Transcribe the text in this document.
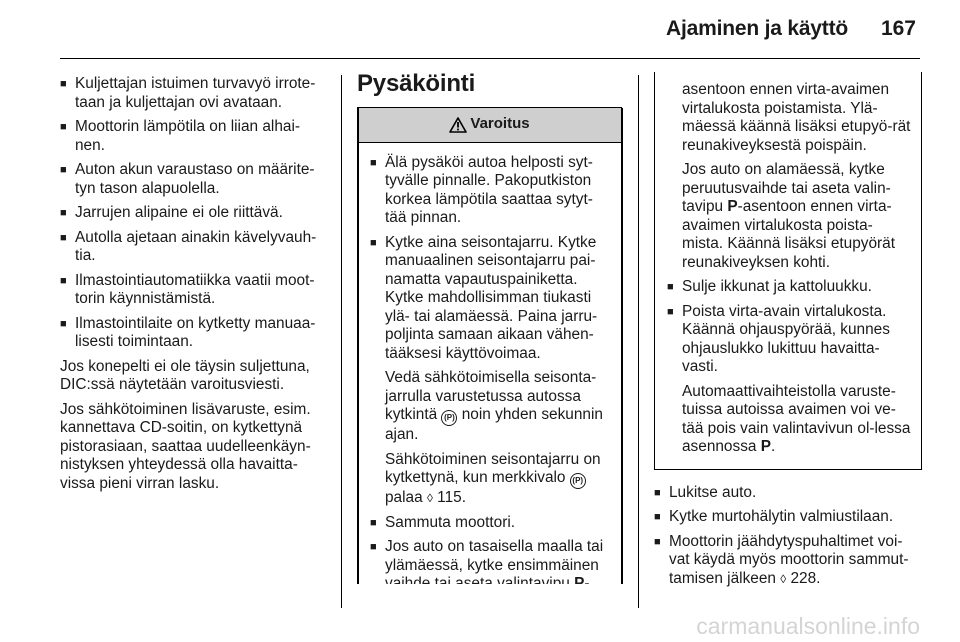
Ajaminen ja käyttö 167
■ Kuljettajan istuimen turvavyö irrote-taan ja kuljettajan ovi avataan.
■ Moottorin lämpötila on liian alhai-nen.
■ Auton akun varaustaso on määrite-tyn tason alapuolella.
■ Jarrujen alipaine ei ole riittävä.
■ Autolla ajetaan ainakin kävelyvauh-tia.
■ Ilmastointiautomatiikka vaatii moot-torin käynnistämistä.
■ Ilmastointilaite on kytketty manuaa-lisesti toimintaan.

Jos konepelti ei ole täysin suljettuna, DIC:ssä näytetään varoitusviesti.

Jos sähkötoiminen lisävaruste, esim. kannettava CD-soitin, on kytkettynä pistorasiaan, saattaa uudelleenkäyn-nistyksen yhteydessä olla havaitta-vissa pieni virran lasku.

Pysäköinti
Varoitus
■ Älä pysäköi autoa helposti syt-tyvälle pinnalle. Pakoputkiston korkea lämpötila saattaa sytyt-tää pinnan.
■ Kytke aina seisontajarru. Kytke manuaalinen seisontajarru pai-namatta vapautuspainiketta. Kytke mahdollisimman tiukasti ylä- tai alamäessä. Paina jarru-poljinta samaan aikaan vähen-tääksesi käyttövoimaa.

Vedä sähkötoimisella seisonta-jarrulla varustetussa autossa kytkintä (P) noin yhden sekunnin ajan.

Sähkötoiminen seisontajarru on kytkettynä, kun merkkivalo (P) palaa ◊ 115.

■ Sammuta moottori.
■ Jos auto on tasaisella maalla tai ylämäessä, kytke ensimmäinen

asentoon ennen virta-avaimen virtalukosta poistamista. Ylä-mäessä käännä lisäksi etupyö-rät reunakiveyksestä poispäin.

Jos auto on alamäessä, kytke peruutusvaihde tai aseta valin-tavipu P-asentoon ennen virta-avaimen virtalukosta poista-mista. Käännä lisäksi etupyörät reunakiveyksen kohti.

■ Sulje ikkunat ja kattoluukku.
■ Poista virta-avain virtalukosta. Käännä ohjauspyörää, kunnes ohjauslukko lukittuu havaitta-vasti.

Automaattivaihteistolla varuste-tuissa autoissa avaimen voi ve-tää pois vain valintavivun ol-lessa asennossa P.

■ Lukitse auto.
■ Kytke murtohälytin valmiustilaan.
■ Moottorin jäähdytyspuhaltimet voi-vat käydä myös moottorin sammut-tamisen jälkeen ◊ 228.
carmanualsonline.info
